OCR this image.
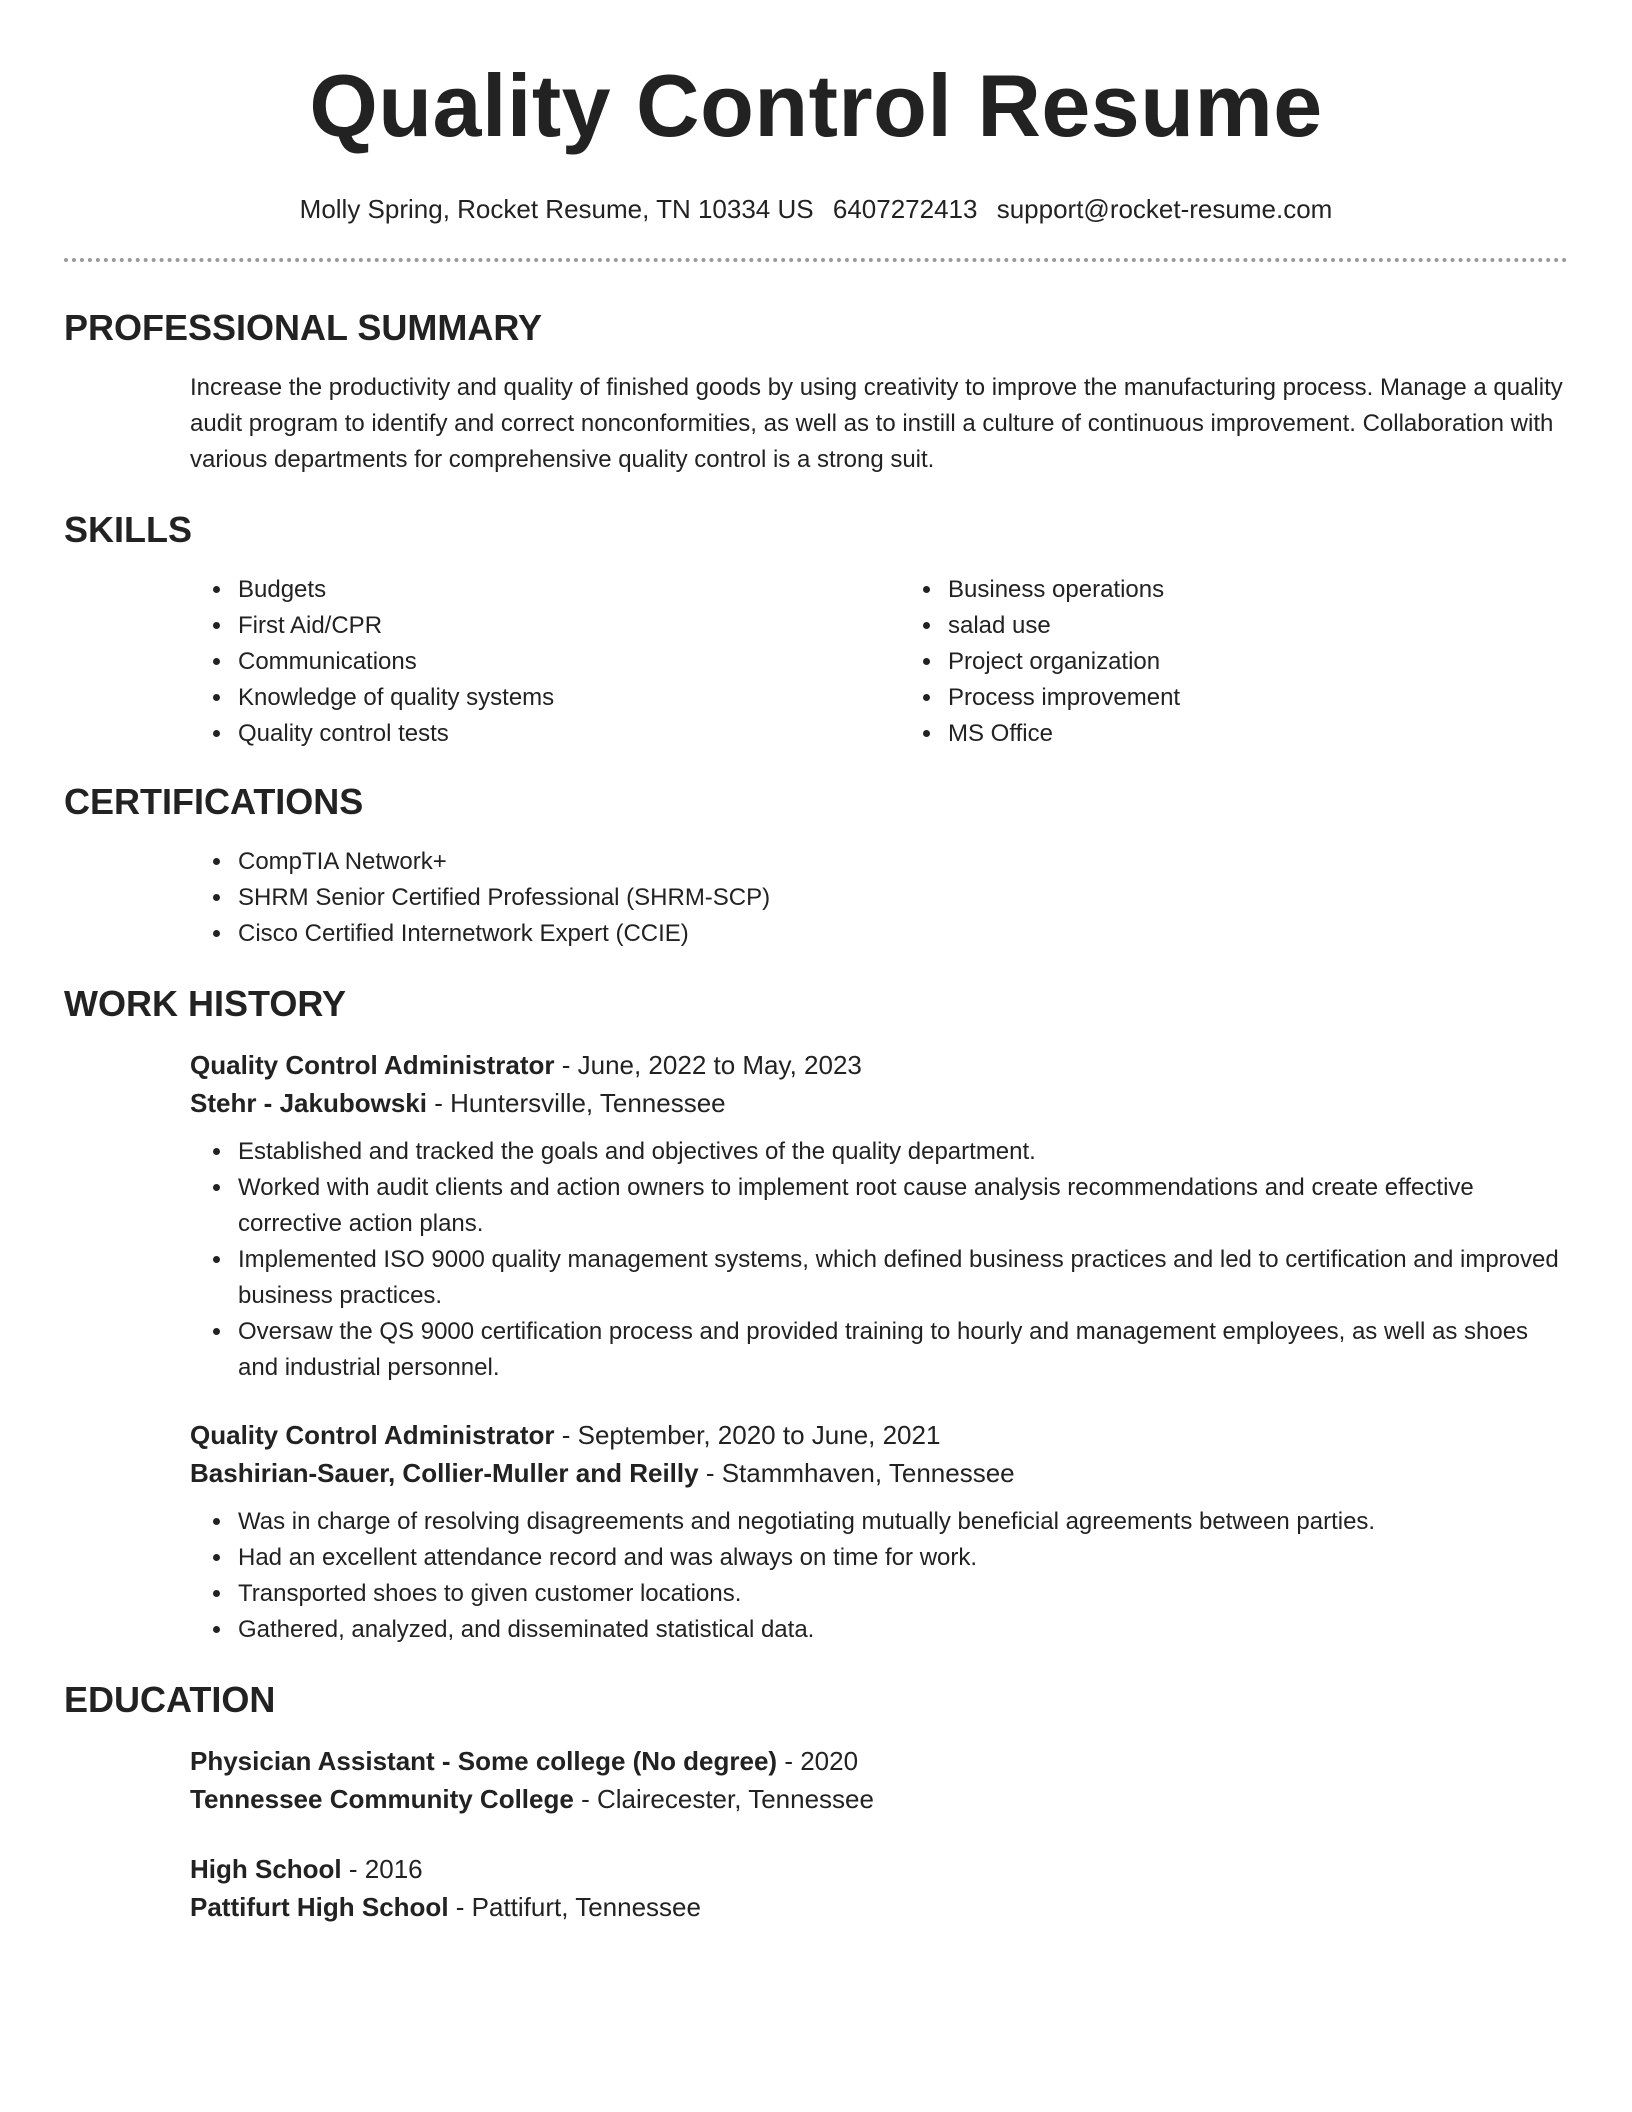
Quality Control Resume
Molly Spring, Rocket Resume, TN 10334 US 6407272413 support@rocket-resume.com
PROFESSIONAL SUMMARY
Increase the productivity and quality of finished goods by using creativity to improve the manufacturing process. Manage a quality audit program to identify and correct nonconformities, as well as to instill a culture of continuous improvement. Collaboration with various departments for comprehensive quality control is a strong suit.
SKILLS
• Budgets
• First Aid/CPR
• Communications
• Knowledge of quality systems
• Quality control tests
• Business operations
• salad use
• Project organization
• Process improvement
• MS Office
CERTIFICATIONS
• CompTIA Network+
• SHRM Senior Certified Professional (SHRM-SCP)
• Cisco Certified Internetwork Expert (CCIE)
WORK HISTORY
Quality Control Administrator - June, 2022 to May, 2023
Stehr - Jakubowski - Huntersville, Tennessee
• Established and tracked the goals and objectives of the quality department.
• Worked with audit clients and action owners to implement root cause analysis recommendations and create effective corrective action plans.
• Implemented ISO 9000 quality management systems, which defined business practices and led to certification and improved business practices.
• Oversaw the QS 9000 certification process and provided training to hourly and management employees, as well as shoes and industrial personnel.
Quality Control Administrator - September, 2020 to June, 2021
Bashirian-Sauer, Collier-Muller and Reilly - Stammhaven, Tennessee
• Was in charge of resolving disagreements and negotiating mutually beneficial agreements between parties.
• Had an excellent attendance record and was always on time for work.
• Transported shoes to given customer locations.
• Gathered, analyzed, and disseminated statistical data.
EDUCATION
Physician Assistant - Some college (No degree) - 2020
Tennessee Community College - Clairecester, Tennessee
High School - 2016
Pattifurt High School - Pattifurt, Tennessee
